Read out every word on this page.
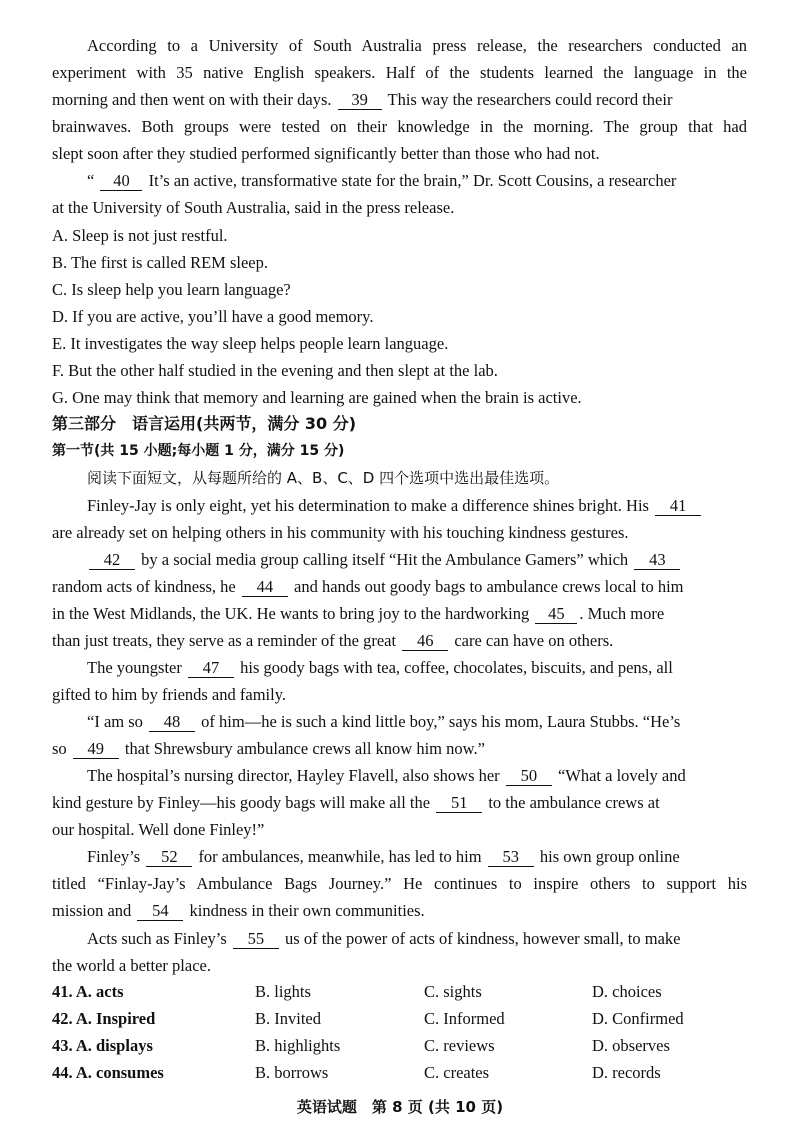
According to a University of South Australia press release, the researchers conducted an
experiment with 35 native English speakers. Half of the students learned the language in the
morning and then went on with their days. 39 This way the researchers could record their
brainwaves. Both groups were tested on their knowledge in the morning. The group that had
slept soon after they studied performed significantly better than those who had not.
“ 40 It’s an active, transformative state for the brain,” Dr. Scott Cousins, a researcher
at the University of South Australia, said in the press release.
A. Sleep is not just restful.
B. The first is called REM sleep.
C. Is sleep help you learn language?
D. If you are active, you’ll have a good memory.
E. It investigates the way sleep helps people learn language.
F. But the other half studied in the evening and then slept at the lab.
G. One may think that memory and learning are gained when the brain is active.
第三部分　语言运用(共两节，满分 30 分)
第一节(共 15 小题;每小题 1 分，满分 15 分)
阅读下面短文，从每题所给的 A、B、C、D 四个选项中选出最佳选项。
Finley-Jay is only eight, yet his determination to make a difference shines bright. His 41
are already set on helping others in his community with his touching kindness gestures.
42 by a social media group calling itself “Hit the Ambulance Gamers” which 43
random acts of kindness, he 44 and hands out goody bags to ambulance crews local to him
in the West Midlands, the UK. He wants to bring joy to the hardworking 45 . Much more
than just treats, they serve as a reminder of the great 46 care can have on others.
The youngster 47 his goody bags with tea, coffee, chocolates, biscuits, and pens, all
gifted to him by friends and family.
“I am so 48 of him—he is such a kind little boy,” says his mom, Laura Stubbs. “He’s
so 49 that Shrewsbury ambulance crews all know him now.”
The hospital’s nursing director, Hayley Flavell, also shows her 50 “What a lovely and
kind gesture by Finley—his goody bags will make all the 51 to the ambulance crews at
our hospital. Well done Finley!”
Finley’s 52 for ambulances, meanwhile, has led to him 53 his own group online
titled “Finlay-Jay’s Ambulance Bags Journey.” He continues to inspire others to support his
mission and 54 kindness in their own communities.
Acts such as Finley’s 55 us of the power of acts of kindness, however small, to make
the world a better place.
41. A. acts	B. lights	C. sights	D. choices
42. A. Inspired	B. Invited	C. Informed	D. Confirmed
43. A. displays	B. highlights	C. reviews	D. observes
44. A. consumes	B. borrows	C. creates	D. records
英语试题　第 8 页 (共 10 页)
